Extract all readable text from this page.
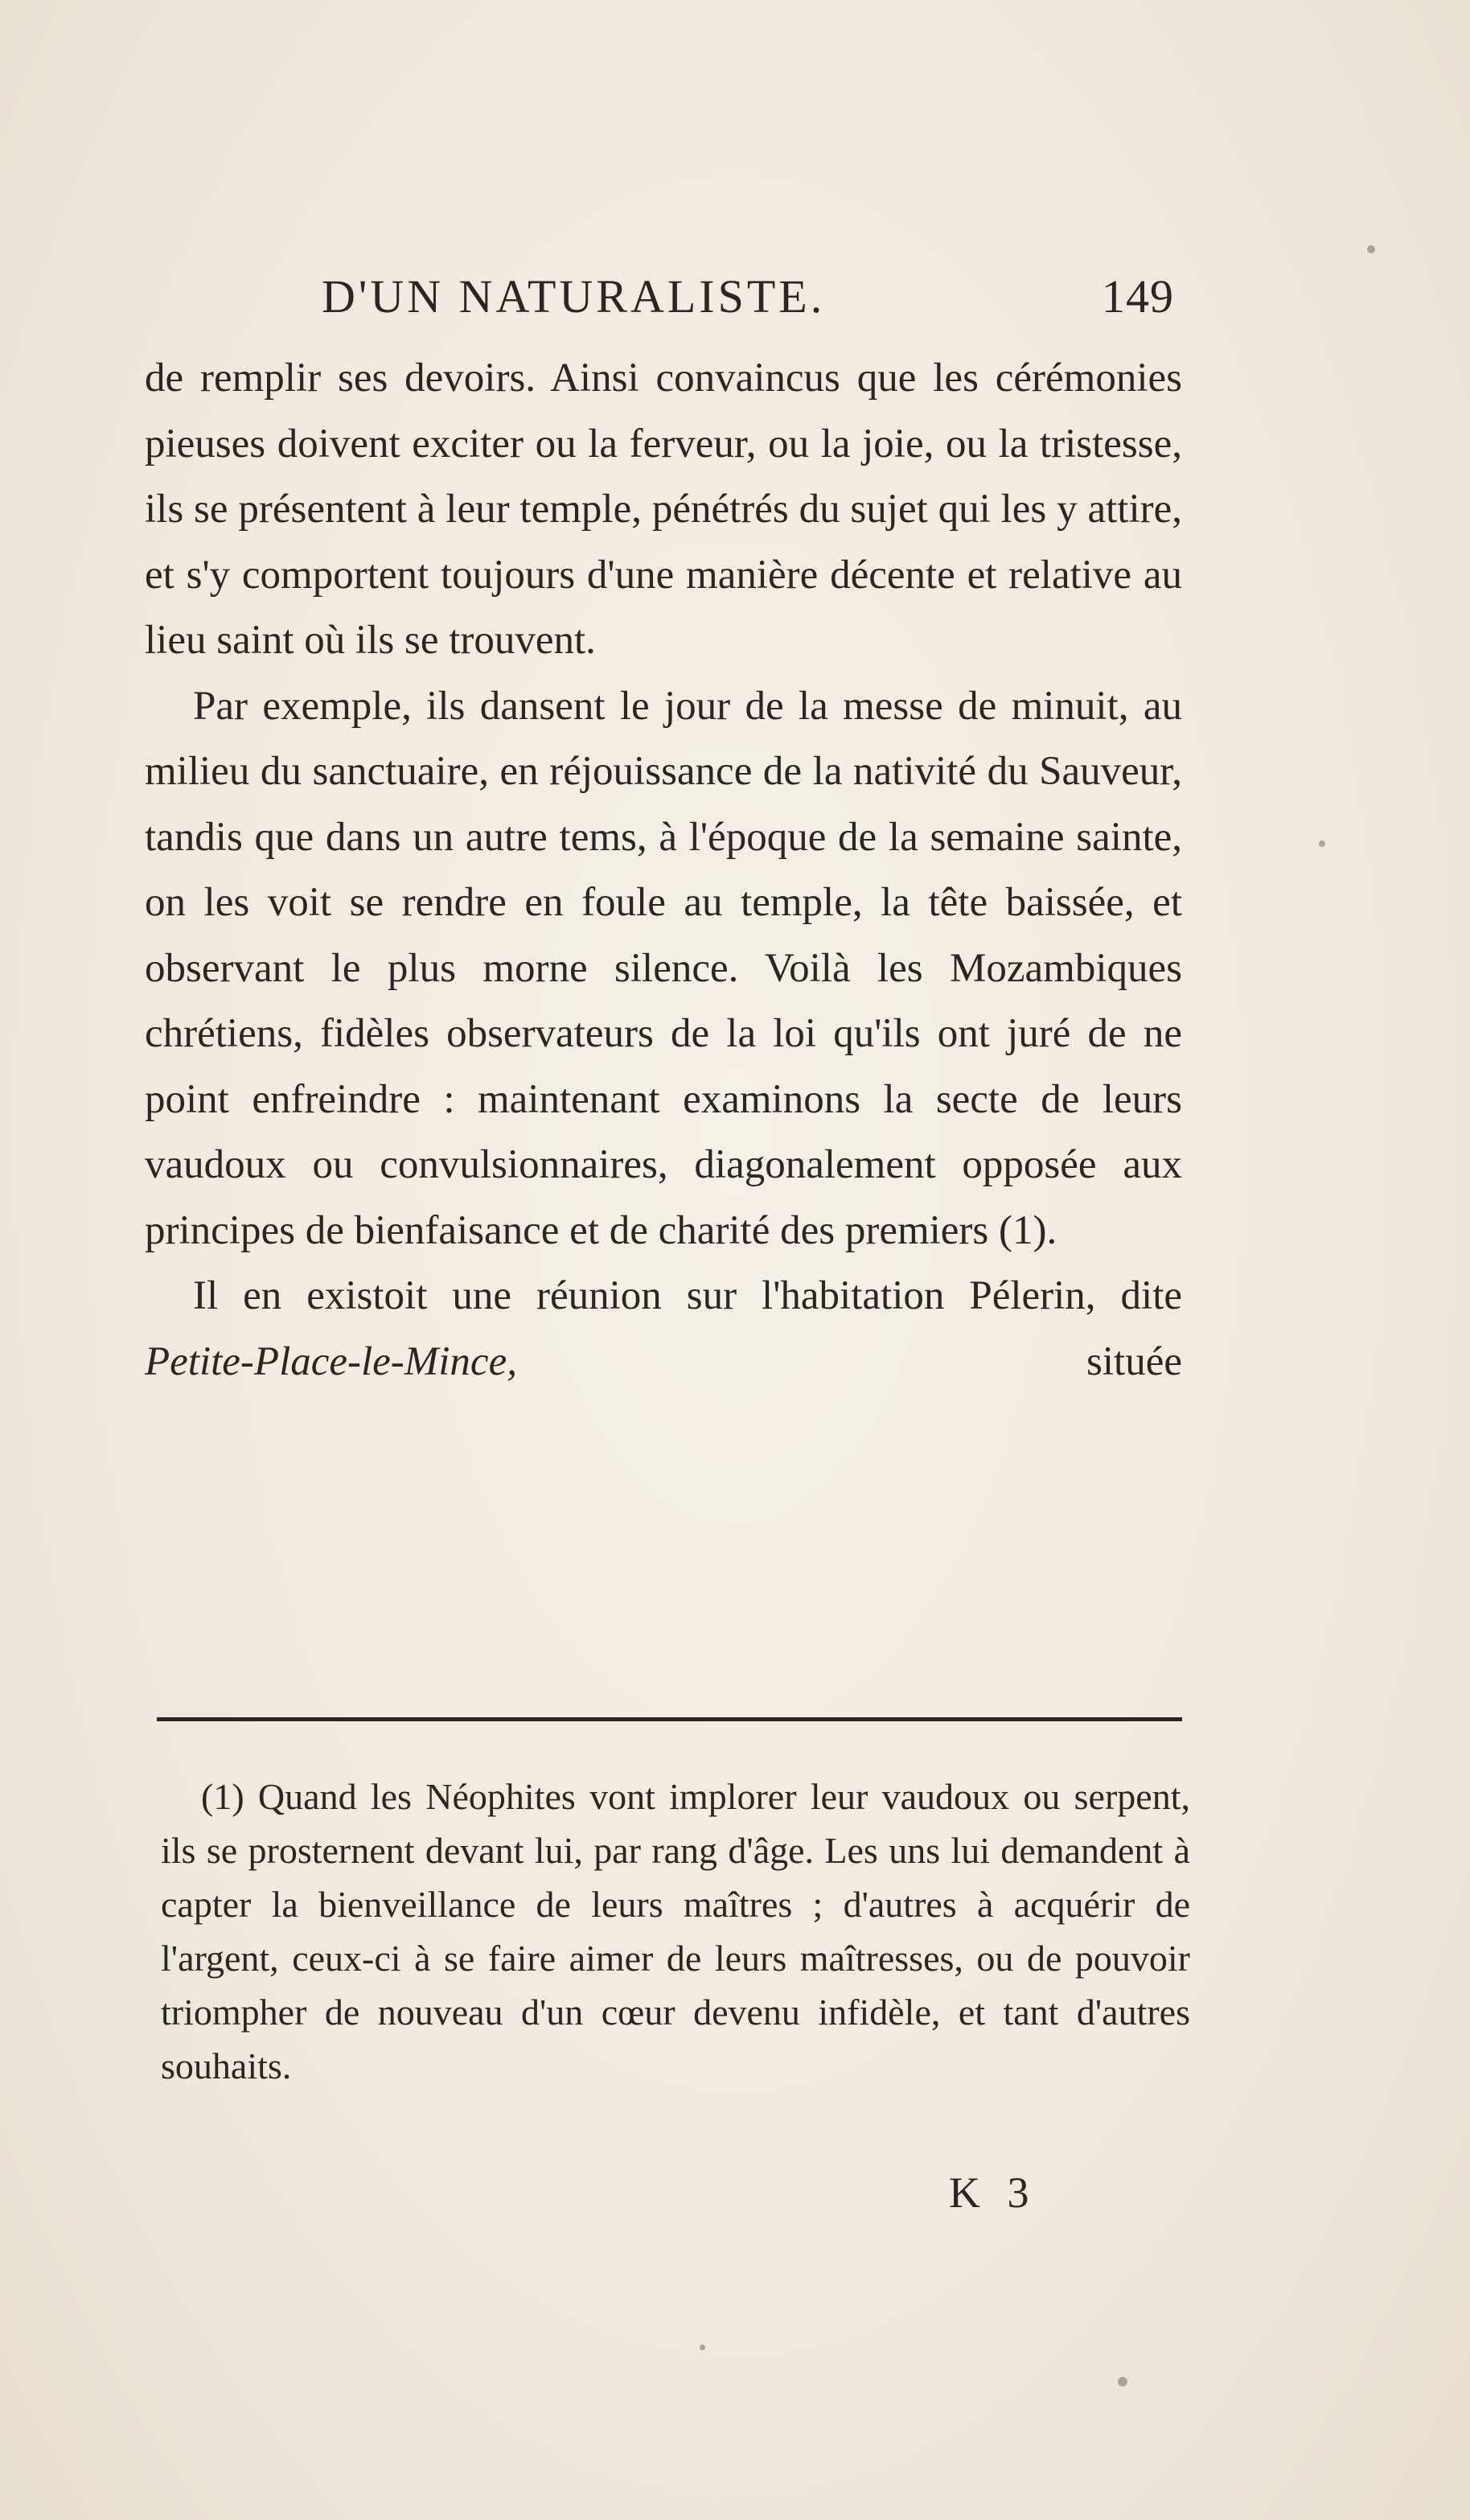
D'UN NATURALISTE.	149

de remplir ses devoirs. Ainsi convaincus que les cérémonies pieuses doivent exciter ou la ferveur, ou la joie, ou la tristesse, ils se présentent à leur temple, pénétrés du sujet qui les y attire, et s'y comportent toujours d'une manière décente et relative au lieu saint où ils se trouvent.

Par exemple, ils dansent le jour de la messe de minuit, au milieu du sanctuaire, en réjouissance de la nativité du Sauveur, tandis que dans un autre tems, à l'époque de la semaine sainte, on les voit se rendre en foule au temple, la tête baissée, et observant le plus morne silence. Voilà les Mozambiques chrétiens, fidèles observateurs de la loi qu'ils ont juré de ne point enfreindre : maintenant examinons la secte de leurs vaudoux ou convulsionnaires, diagonalement opposée aux principes de bienfaisance et de charité des premiers (1).

Il en existoit une réunion sur l'habitation Pélerin, dite Petite-Place-le-Mince,	située

(1) Quand les Néophites vont implorer leur vaudoux ou serpent, ils se prosternent devant lui, par rang d'âge. Les uns lui demandent à capter la bienveillance de leurs maîtres ; d'autres à acquérir de l'argent, ceux-ci à se faire aimer de leurs maîtresses, ou de pouvoir triompher de nouveau d'un cœur devenu infidèle, et tant d'autres souhaits.

K 3
